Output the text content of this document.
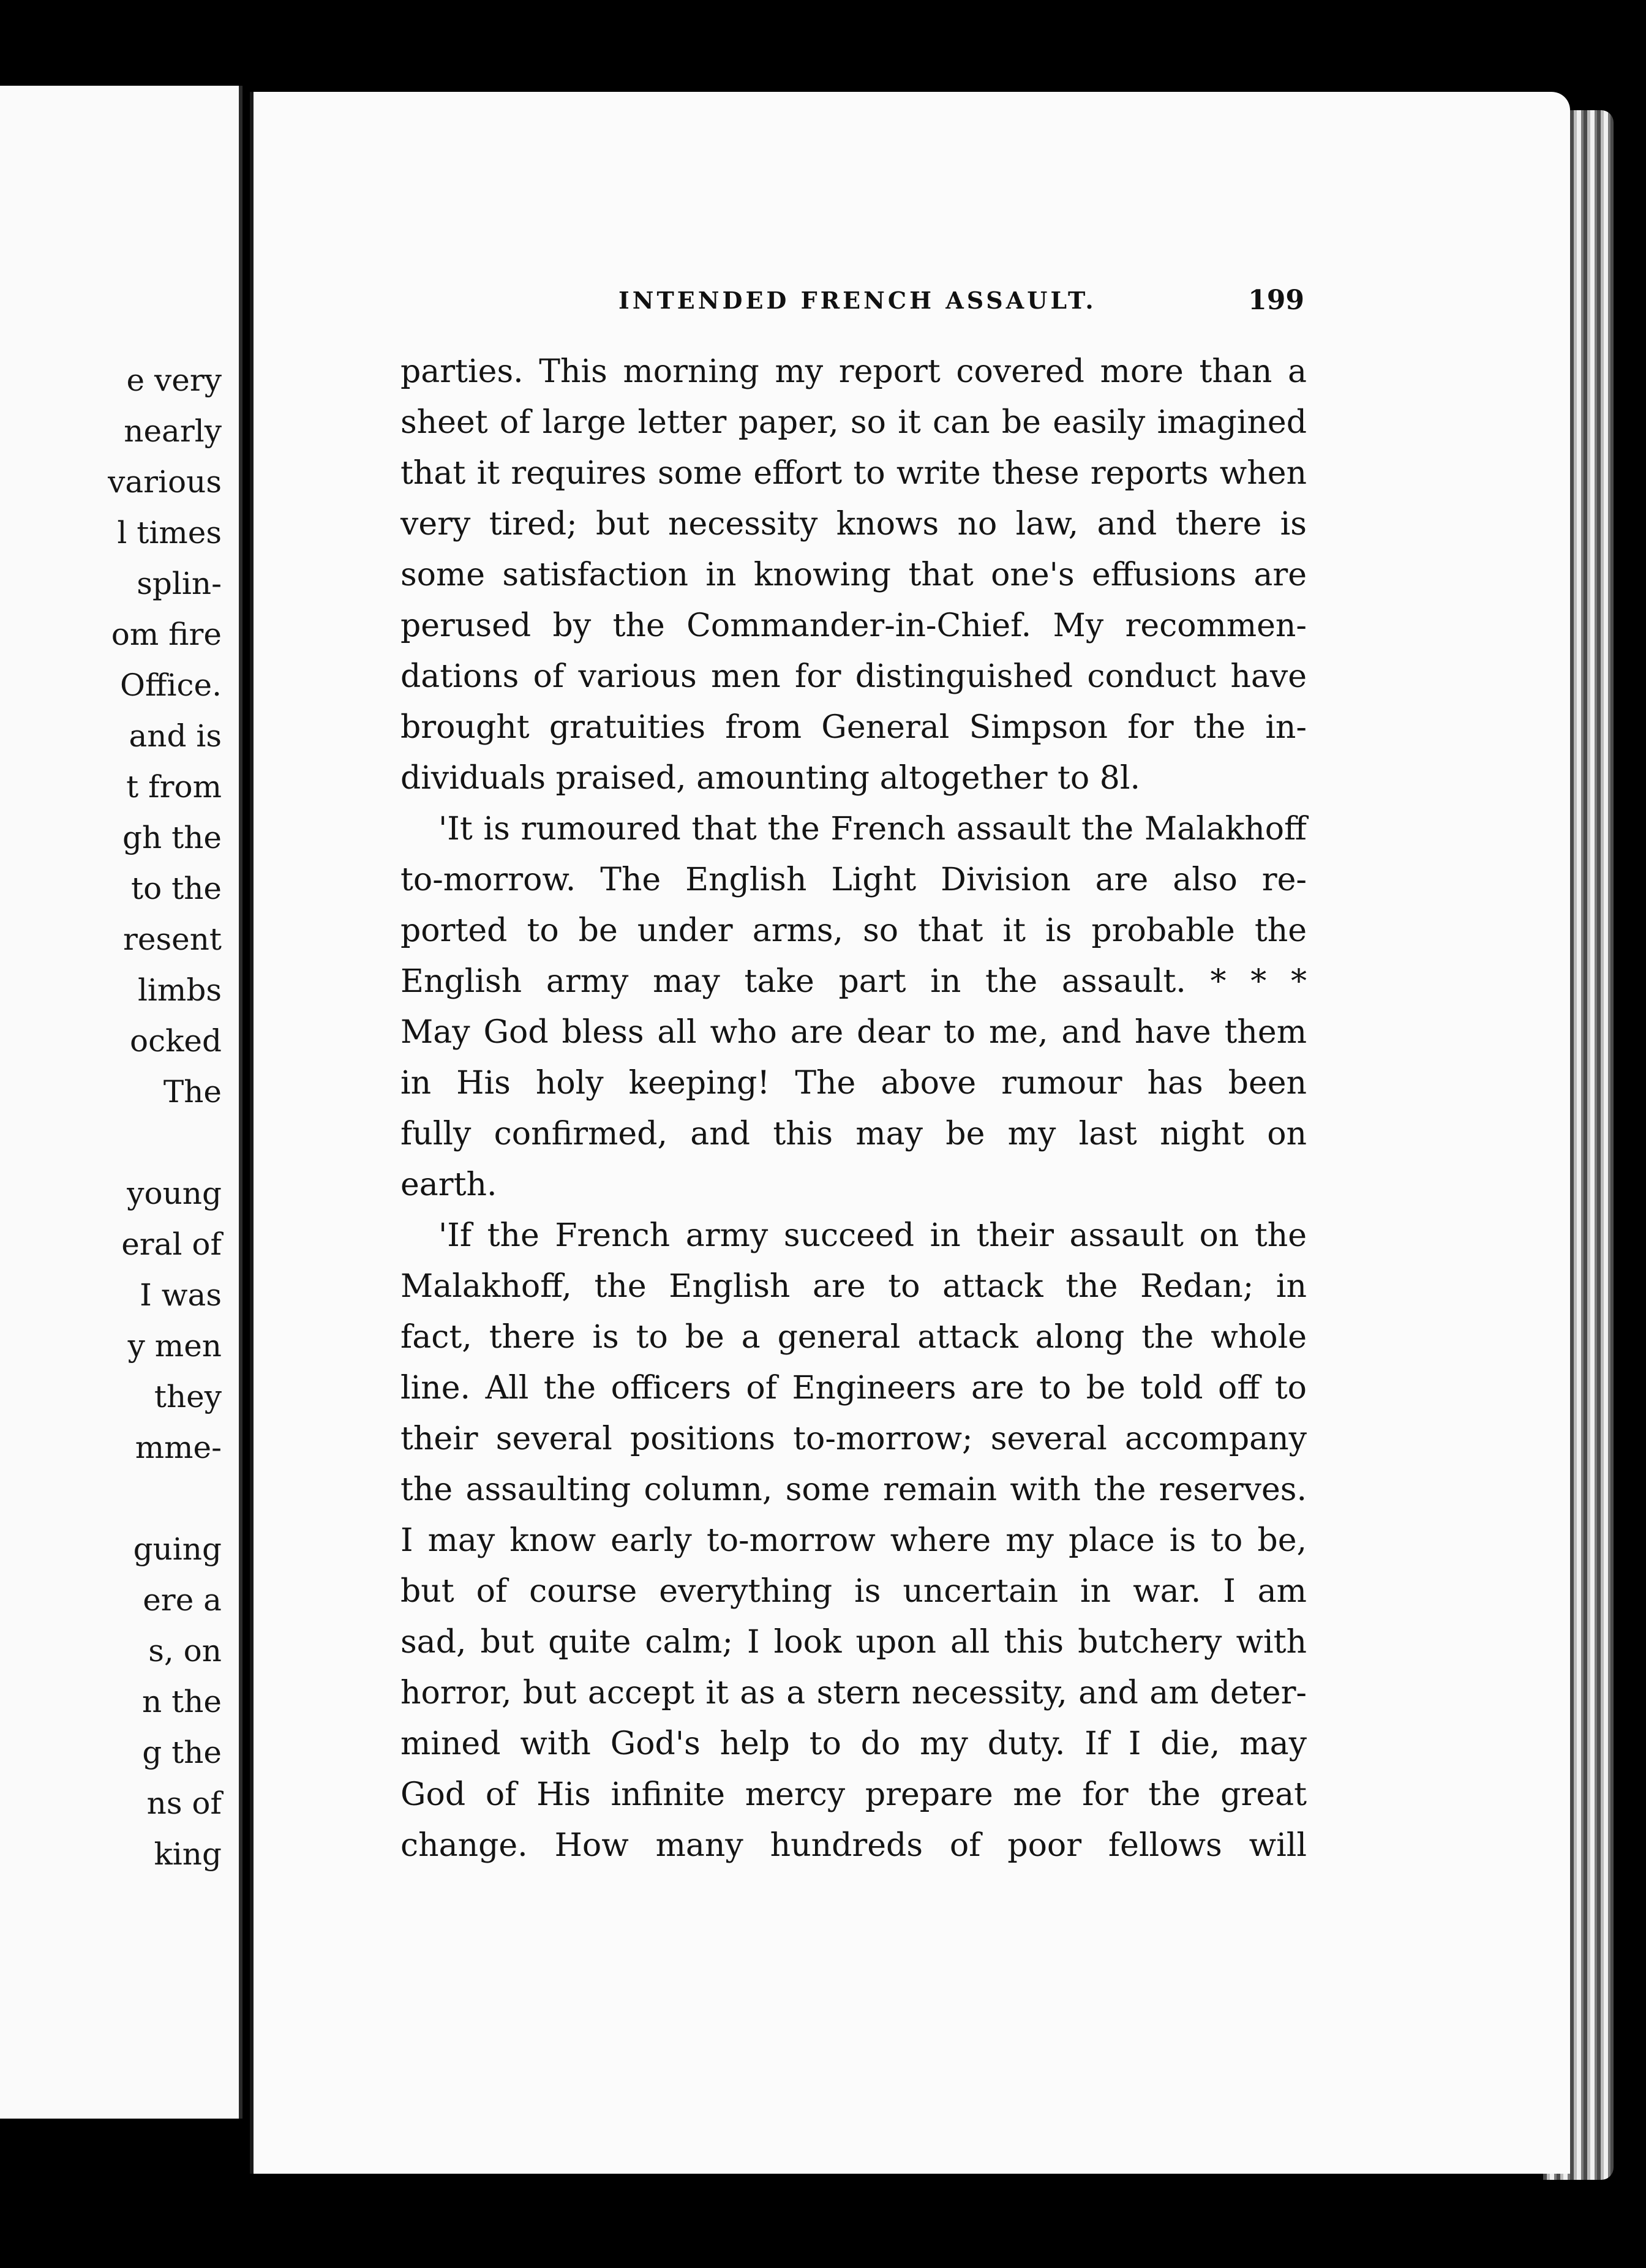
e very
nearly
various
l times
splin-
om fire
Office.
and is
t from
gh the
to the
resent
limbs
ocked
The
young
eral of
I was
y men
they
mme-
guing
ere a
s, on
n the
g the
ns of
king
INTENDED FRENCH ASSAULT.	199
parties. This morning my report covered more than a
sheet of large letter paper, so it can be easily imagined
that it requires some effort to write these reports when
very tired; but necessity knows no law, and there is
some satisfaction in knowing that one's effusions are
perused by the Commander-in-Chief. My recommen-
dations of various men for distinguished conduct have
brought gratuities from General Simpson for the in-
dividuals praised, amounting altogether to 8l.
'It is rumoured that the French assault the Malakhoff
to-morrow. The English Light Division are also re-
ported to be under arms, so that it is probable the
English army may take part in the assault. * * *
May God bless all who are dear to me, and have them
in His holy keeping! The above rumour has been
fully confirmed, and this may be my last night on
earth.
'If the French army succeed in their assault on the
Malakhoff, the English are to attack the Redan; in
fact, there is to be a general attack along the whole
line. All the officers of Engineers are to be told off to
their several positions to-morrow; several accompany
the assaulting column, some remain with the reserves.
I may know early to-morrow where my place is to be,
but of course everything is uncertain in war. I am
sad, but quite calm; I look upon all this butchery with
horror, but accept it as a stern necessity, and am deter-
mined with God's help to do my duty. If I die, may
God of His infinite mercy prepare me for the great
change. How many hundreds of poor fellows will
